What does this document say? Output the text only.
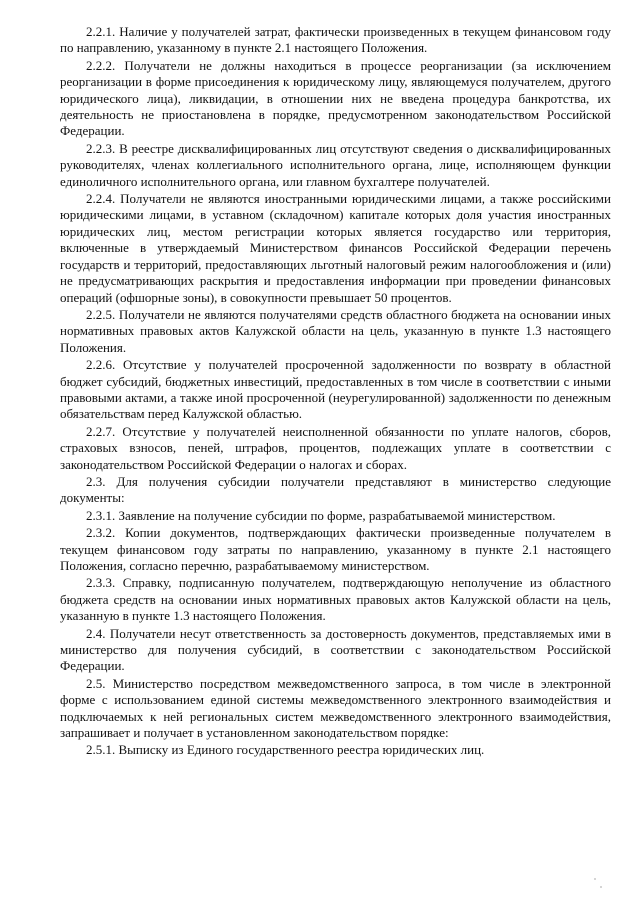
2.2.1. Наличие у получателей затрат, фактически произведенных в текущем финансовом году по направлению, указанному в пункте 2.1 настоящего Положения.

2.2.2. Получатели не должны находиться в процессе реорганизации (за исключением реорганизации в форме присоединения к юридическому лицу, являющемуся получателем, другого юридического лица), ликвидации, в отношении них не введена процедура банкротства, их деятельность не приостановлена в порядке, предусмотренном законодательством Российской Федерации.

2.2.3. В реестре дисквалифицированных лиц отсутствуют сведения о дисквалифицированных руководителях, членах коллегиального исполнительного органа, лице, исполняющем функции единоличного исполнительного органа, или главном бухгалтере получателей.

2.2.4. Получатели не являются иностранными юридическими лицами, а также российскими юридическими лицами, в уставном (складочном) капитале которых доля участия иностранных юридических лиц, местом регистрации которых является государство или территория, включенные в утверждаемый Министерством финансов Российской Федерации перечень государств и территорий, предоставляющих льготный налоговый режим налогообложения и (или) не предусматривающих раскрытия и предоставления информации при проведении финансовых операций (офшорные зоны), в совокупности превышает 50 процентов.

2.2.5. Получатели не являются получателями средств областного бюджета на основании иных нормативных правовых актов Калужской области на цель, указанную в пункте 1.3 настоящего Положения.

2.2.6. Отсутствие у получателей просроченной задолженности по возврату в областной бюджет субсидий, бюджетных инвестиций, предоставленных в том числе в соответствии с иными правовыми актами, а также иной просроченной (неурегулированной) задолженности по денежным обязательствам перед Калужской областью.

2.2.7. Отсутствие у получателей неисполненной обязанности по уплате налогов, сборов, страховых взносов, пеней, штрафов, процентов, подлежащих уплате в соответствии с законодательством Российской Федерации о налогах и сборах.

2.3. Для получения субсидии получатели представляют в министерство следующие документы:

2.3.1. Заявление на получение субсидии по форме, разрабатываемой министерством.

2.3.2. Копии документов, подтверждающих фактически произведенные получателем в текущем финансовом году затраты по направлению, указанному в пункте 2.1 настоящего Положения, согласно перечню, разрабатываемому министерством.

2.3.3. Справку, подписанную получателем, подтверждающую неполучение из областного бюджета средств на основании иных нормативных правовых актов Калужской области на цель, указанную в пункте 1.3 настоящего Положения.

2.4. Получатели несут ответственность за достоверность документов, представляемых ими в министерство для получения субсидий, в соответствии с законодательством Российской Федерации.

2.5. Министерство посредством межведомственного запроса, в том числе в электронной форме с использованием единой системы межведомственного электронного взаимодействия и подключаемых к ней региональных систем межведомственного электронного взаимодействия, запрашивает и получает в установленном законодательством порядке:

2.5.1. Выписку из Единого государственного реестра юридических лиц.
